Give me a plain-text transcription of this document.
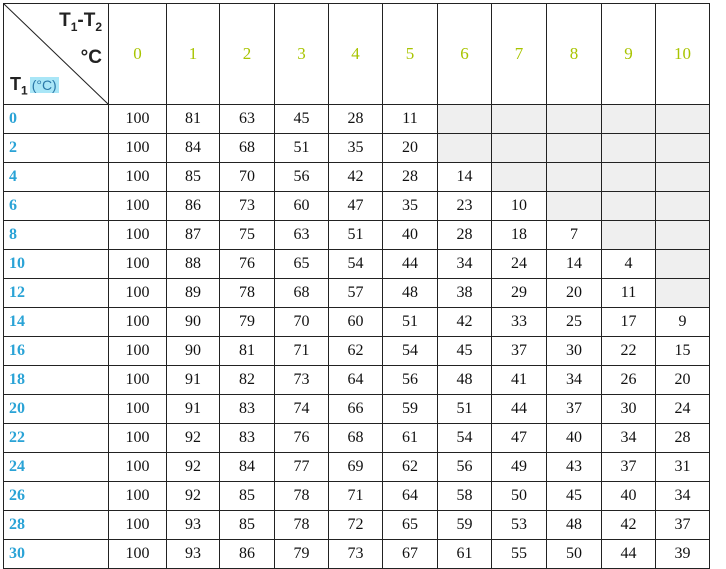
$T_1-T_2$
°C
$T_1$ (°C)	0	1	2	3	4	5	6	7	8	9	10
0	100	81	63	45	28	11					
2	100	84	68	51	35	20					
4	100	85	70	56	42	28	14				
6	100	86	73	60	47	35	23	10			
8	100	87	75	63	51	40	28	18	7		
10	100	88	76	65	54	44	34	24	14	4	
12	100	89	78	68	57	48	38	29	20	11	
14	100	90	79	70	60	51	42	33	25	17	9
16	100	90	81	71	62	54	45	37	30	22	15
18	100	91	82	73	64	56	48	41	34	26	20
20	100	91	83	74	66	59	51	44	37	30	24
22	100	92	83	76	68	61	54	47	40	34	28
24	100	92	84	77	69	62	56	49	43	37	31
26	100	92	85	78	71	64	58	50	45	40	34
28	100	93	85	78	72	65	59	53	48	42	37
30	100	93	86	79	73	67	61	55	50	44	39
